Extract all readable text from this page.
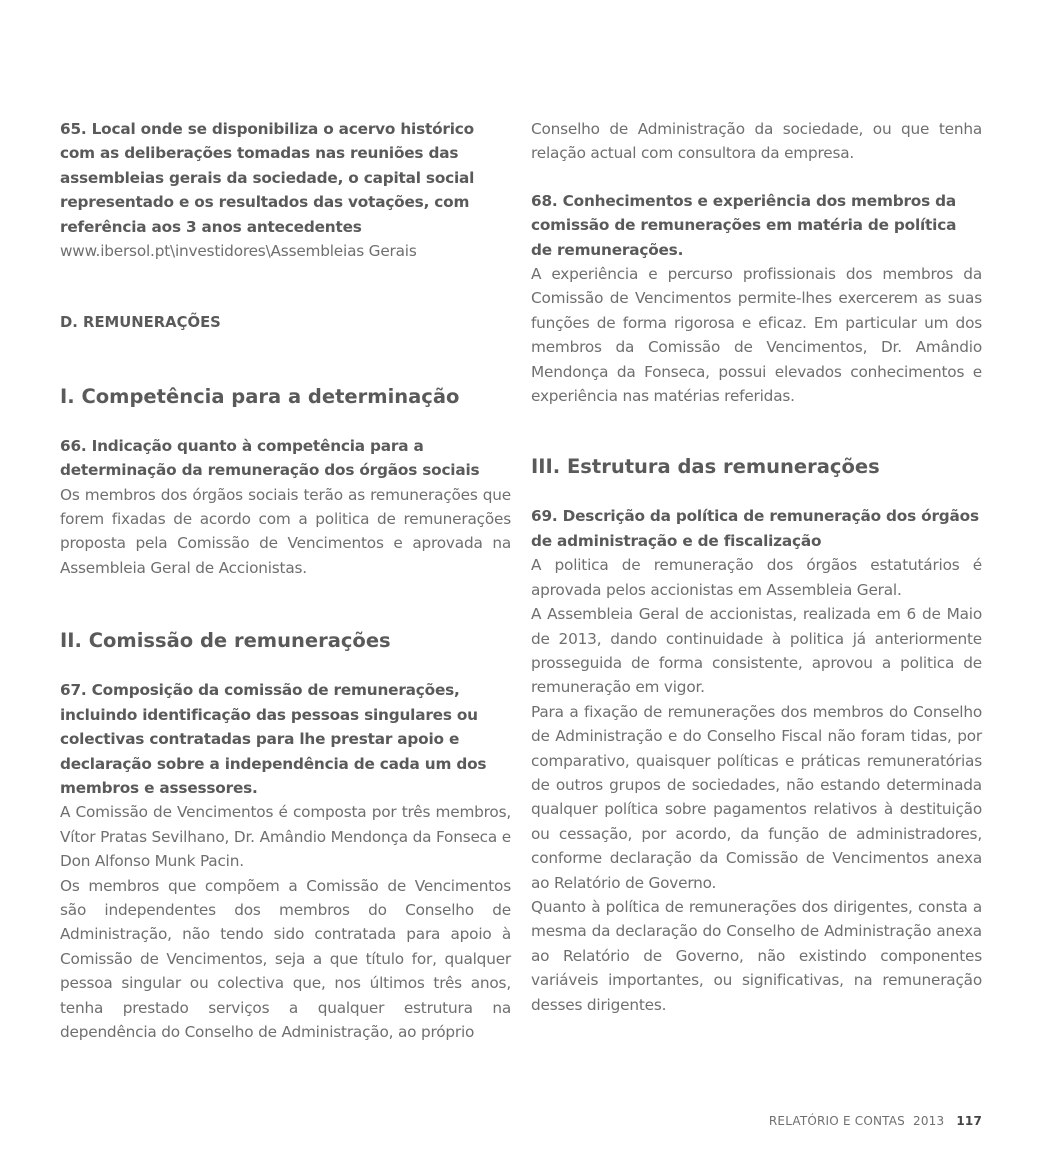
65. Local onde se disponibiliza o acervo histórico com as deliberações tomadas nas reuniões das assembleias gerais da sociedade, o capital social representado e os resultados das votações, com referência aos 3 anos antecedentes
www.ibersol.pt\investidores\Assembleias Gerais
D. REMUNERAÇÕES
I. Competência para a determinação
66. Indicação quanto à competência para a determinação da remuneração dos órgãos sociais
Os membros dos órgãos sociais terão as remunerações que forem fixadas de acordo com a politica de remunerações proposta pela Comissão de Vencimentos e aprovada na Assembleia Geral de Accionistas.
II. Comissão de remunerações
67. Composição da comissão de remunerações, incluindo identificação das pessoas singulares ou colectivas contratadas para lhe prestar apoio e declaração sobre a independência de cada um dos membros e assessores.
A Comissão de Vencimentos é composta por três membros, Vítor Pratas Sevilhano, Dr. Amândio Mendonça da Fonseca e Don Alfonso Munk Pacin.
Os membros que compõem a Comissão de Vencimentos são independentes dos membros do Conselho de Administração, não tendo sido contratada para apoio à Comissão de Vencimentos, seja a que título for, qualquer pessoa singular ou colectiva que, nos últimos três anos, tenha prestado serviços a qualquer estrutura na dependência do Conselho de Administração, ao próprio
Conselho de Administração da sociedade, ou que tenha relação actual com consultora da empresa.
68. Conhecimentos e experiência dos membros da comissão de remunerações em matéria de política de remunerações.
A experiência e percurso profissionais dos membros da Comissão de Vencimentos permite-lhes exercerem as suas funções de forma rigorosa e eficaz. Em particular um dos membros da Comissão de Vencimentos, Dr. Amândio Mendonça da Fonseca, possui elevados conhecimentos e experiência nas matérias referidas.
III. Estrutura das remunerações
69. Descrição da política de remuneração dos órgãos de administração e de fiscalização
A politica de remuneração dos órgãos estatutários é aprovada pelos accionistas em Assembleia Geral.
A Assembleia Geral de accionistas, realizada em 6 de Maio de 2013, dando continuidade à politica já anteriormente prosseguida de forma consistente, aprovou a politica de remuneração em vigor.
Para a fixação de remunerações dos membros do Conselho de Administração e do Conselho Fiscal não foram tidas, por comparativo, quaisquer políticas e práticas remuneratórias de outros grupos de sociedades, não estando determinada qualquer política sobre pagamentos relativos à destituição ou cessação, por acordo, da função de administradores, conforme declaração da Comissão de Vencimentos anexa ao Relatório de Governo.
Quanto à política de remunerações dos dirigentes, consta a mesma da declaração do Conselho de Administração anexa ao Relatório de Governo, não existindo componentes variáveis importantes, ou significativas, na remuneração desses dirigentes.
RELATÓRIO E CONTAS  2013 117
